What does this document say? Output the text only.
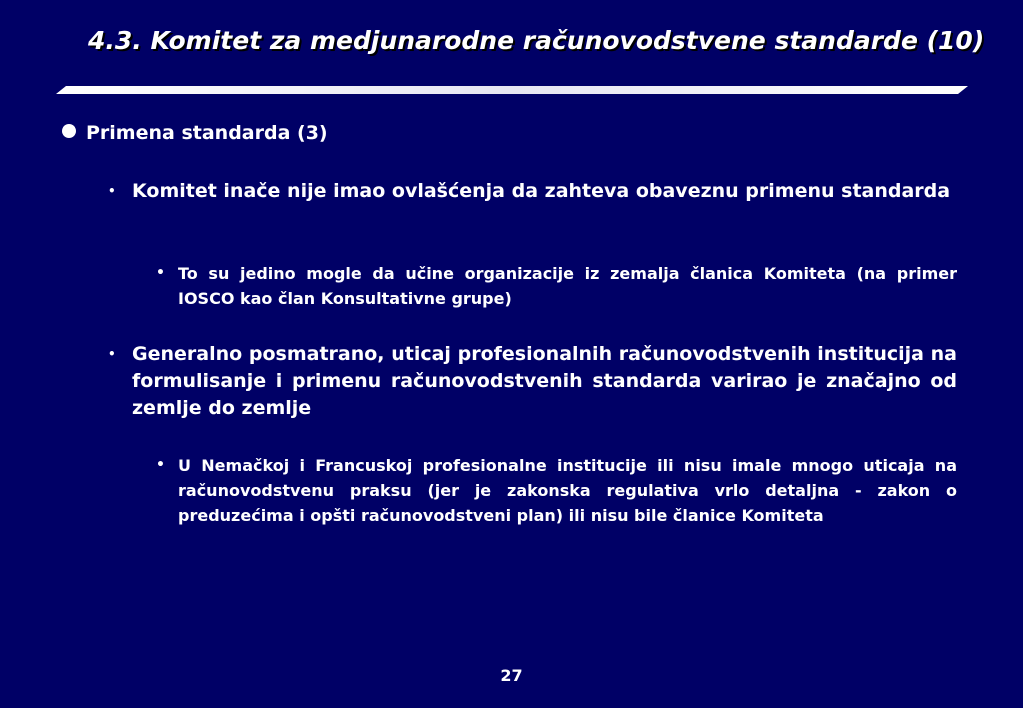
4.3. Komitet za medjunarodne računovodstvene standarde (10)
Primena standarda (3)
• Komitet inače nije imao ovlašćenja da zahteva obaveznu primenu standarda
• To su jedino mogle da učine organizacije iz zemalja članica Komiteta (na primer IOSCO kao član Konsultativne grupe)
• Generalno posmatrano, uticaj profesionalnih računovodstvenih institucija na formulisanje i primenu računovodstvenih standarda varirao je značajno od zemlje do zemlje
• U Nemačkoj i Francuskoj profesionalne institucije ili nisu imale mnogo uticaja na računovodstvenu praksu (jer je zakonska regulativa vrlo detaljna - zakon o preduzećima i opšti računovodstveni plan) ili nisu bile članice Komiteta
27
